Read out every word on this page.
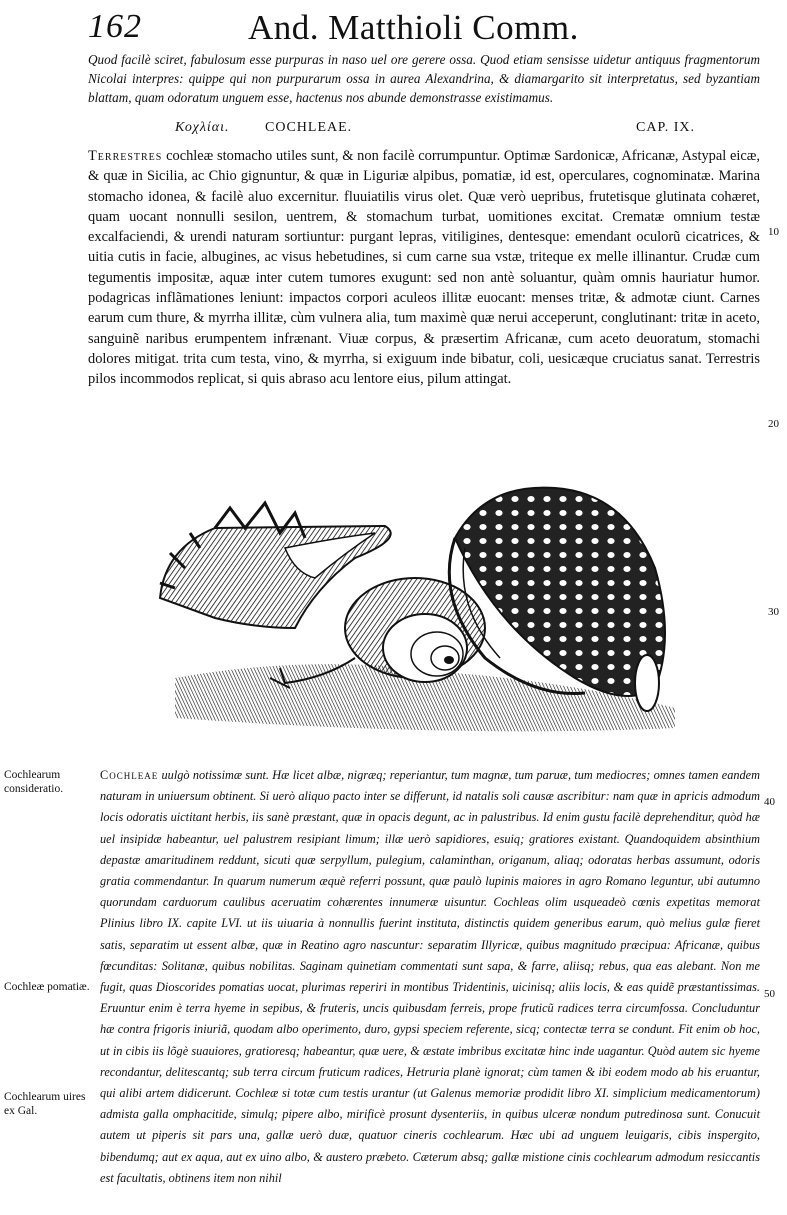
162	And. Matthioli Comm.

Quod facilè sciret, fabulosum esse purpuras in naso uel ore gerere ossa. Quod etiam sensisse uidetur antiquus fragmentorum Nicolai interpres: quippe qui non purpurarum ossa in aurea Alexandrina, & diamargarito sit interpretatus, sed byzantiam blattam, quam odoratum unguem esse, hactenus nos abunde demonstrasse existimamus.

Κοχλίαι.	COCHLEAE.	CAP. IX.

Terrestres cochleæ stomacho utiles sunt, & non facilè corrumpuntur. Optimæ Sardonicæ, Africanæ, Astypal eicæ, & quæ in Sicilia, ac Chio gignuntur, & quæ in Liguriæ alpibus, pomatiæ, id est, operculares, cognominatæ. Marina stomacho idonea, & facilè aluo excernitur. fluuiatilis virus olet. Quæ verò uepribus, frutetisque glutinata cohæret, quam uocant nonnulli sesilon, uentrem, & stomachum turbat, uomitiones excitat. Crematæ omnium testæ excalfaciendi, & urendi naturam sortiuntur: purgant lepras, vitiligines, dentesque: emendant oculorũ cicatrices, & uitia cutis in facie, albugines, ac visus hebetudines, si cum carne sua vstæ, triteque ex melle illinantur. Crudæ cum tegumentis impositæ, aquæ inter cutem tumores exugunt: sed non antè soluantur, quàm omnis hauriatur humor. podagricas inflãmationes leniunt: impactos corpori aculeos illitæ euocant: menses tritæ, & admotæ ciunt. Carnes earum cum thure, & myrrha illitæ, cùm vulnera alia, tum maximè quæ nerui acceperunt, conglutinant: tritæ in aceto, sanguinẽ naribus erumpentem infrænant. Viuæ corpus, & præsertim Africanæ, cum aceto deuoratum, stomachi dolores mitigat. trita cum testa, vino, & myrrha, si exiguum inde bibatur, coli, uesicæque cruciatus sanat. Terrestris pilos incommodos replicat, si quis abraso acu lentore eius, pilum attingat.

10
20
30
40
50
Cochlearum consideratio.
Cochleæ pomatiæ.
Cochlearum uires ex Gal.

Cochleae uulgò notissimæ sunt. Hæ licet albæ, nigræq; reperiantur, tum magnæ, tum paruæ, tum mediocres; omnes tamen eandem naturam in uniuersum obtinent. Si uerò aliquo pacto inter se differunt, id natalis soli causæ ascribitur: nam quæ in apricis admodum locis odoratis uictitant herbis, iis sanè præstant, quæ in opacis degunt, ac in palustribus. Id enim gustu facilè deprehenditur, quòd hæ uel insipidæ habeantur, uel palustrem resipiant limum; illæ uerò sapidiores, esuiq; gratiores existant. Quandoquidem absinthium depastæ amaritudinem reddunt, sicuti quæ serpyllum, pulegium, calaminthan, origanum, aliaq; odoratas herbas assumunt, odoris gratia commendantur. In quarum numerum æquè referri possunt, quæ paulò lupinis maiores in agro Romano leguntur, ubi autumno quorundam carduorum caulibus aceruatim cohærentes innumeræ uisuntur. Cochleas olim usqueadeò cœnis expetitas memorat Plinius libro IX. capite LVI. ut iis uiuaria à nonnullis fuerint instituta, distinctis quidem generibus earum, quò melius gulæ fieret satis, separatim ut essent albæ, quæ in Reatino agro nascuntur: separatim Illyricæ, quibus magnitudo præcipua: Africanæ, quibus fœcunditas: Solitanæ, quibus nobilitas. Saginam quinetiam commentati sunt sapa, & farre, aliisq; rebus, qua eas alebant. Non me fugit, quas Dioscorides pomatias uocat, plurimas reperiri in montibus Tridentinis, uicinisq; aliis locis, & eas quidẽ præstantissimas. Eruuntur enim è terra hyeme in sepibus, & fruteris, uncis quibusdam ferreis, prope fruticũ radices terra circumfossa. Concluduntur hæ contra frigoris iniuriã, quodam albo operimento, duro, gypsi speciem referente, sicq; contectæ terra se condunt. Fit enim ob hoc, ut in cibis iis lõgè suauiores, gratioresq; habeantur, quæ uere, & æstate imbribus excitatæ hinc inde uagantur. Quòd autem sic hyeme recondantur, delitescantq; sub terra circum fruticum radices, Hetruria planè ignorat; cùm tamen & ibi eodem modo ab his eruantur, qui alibi artem didicerunt. Cochleæ si totæ cum testis urantur (ut Galenus memoriæ prodidit libro XI. simplicium medicamentorum) admista galla omphacitide, simulq; pipere albo, mirificè prosunt dysenteriis, in quibus ulceræ nondum putredinosa sunt. Conucuit autem ut piperis sit pars una, gallæ uerò duæ, quatuor cineris cochlearum. Hæc ubi ad unguem leuigaris, cibis inspergito, bibendumq; aut ex aqua, aut ex uino albo, & austero præbeto. Cæterum absq; gallæ mistione cinis cochlearum admodum resiccantis est facultatis, obtinens item non nihil
